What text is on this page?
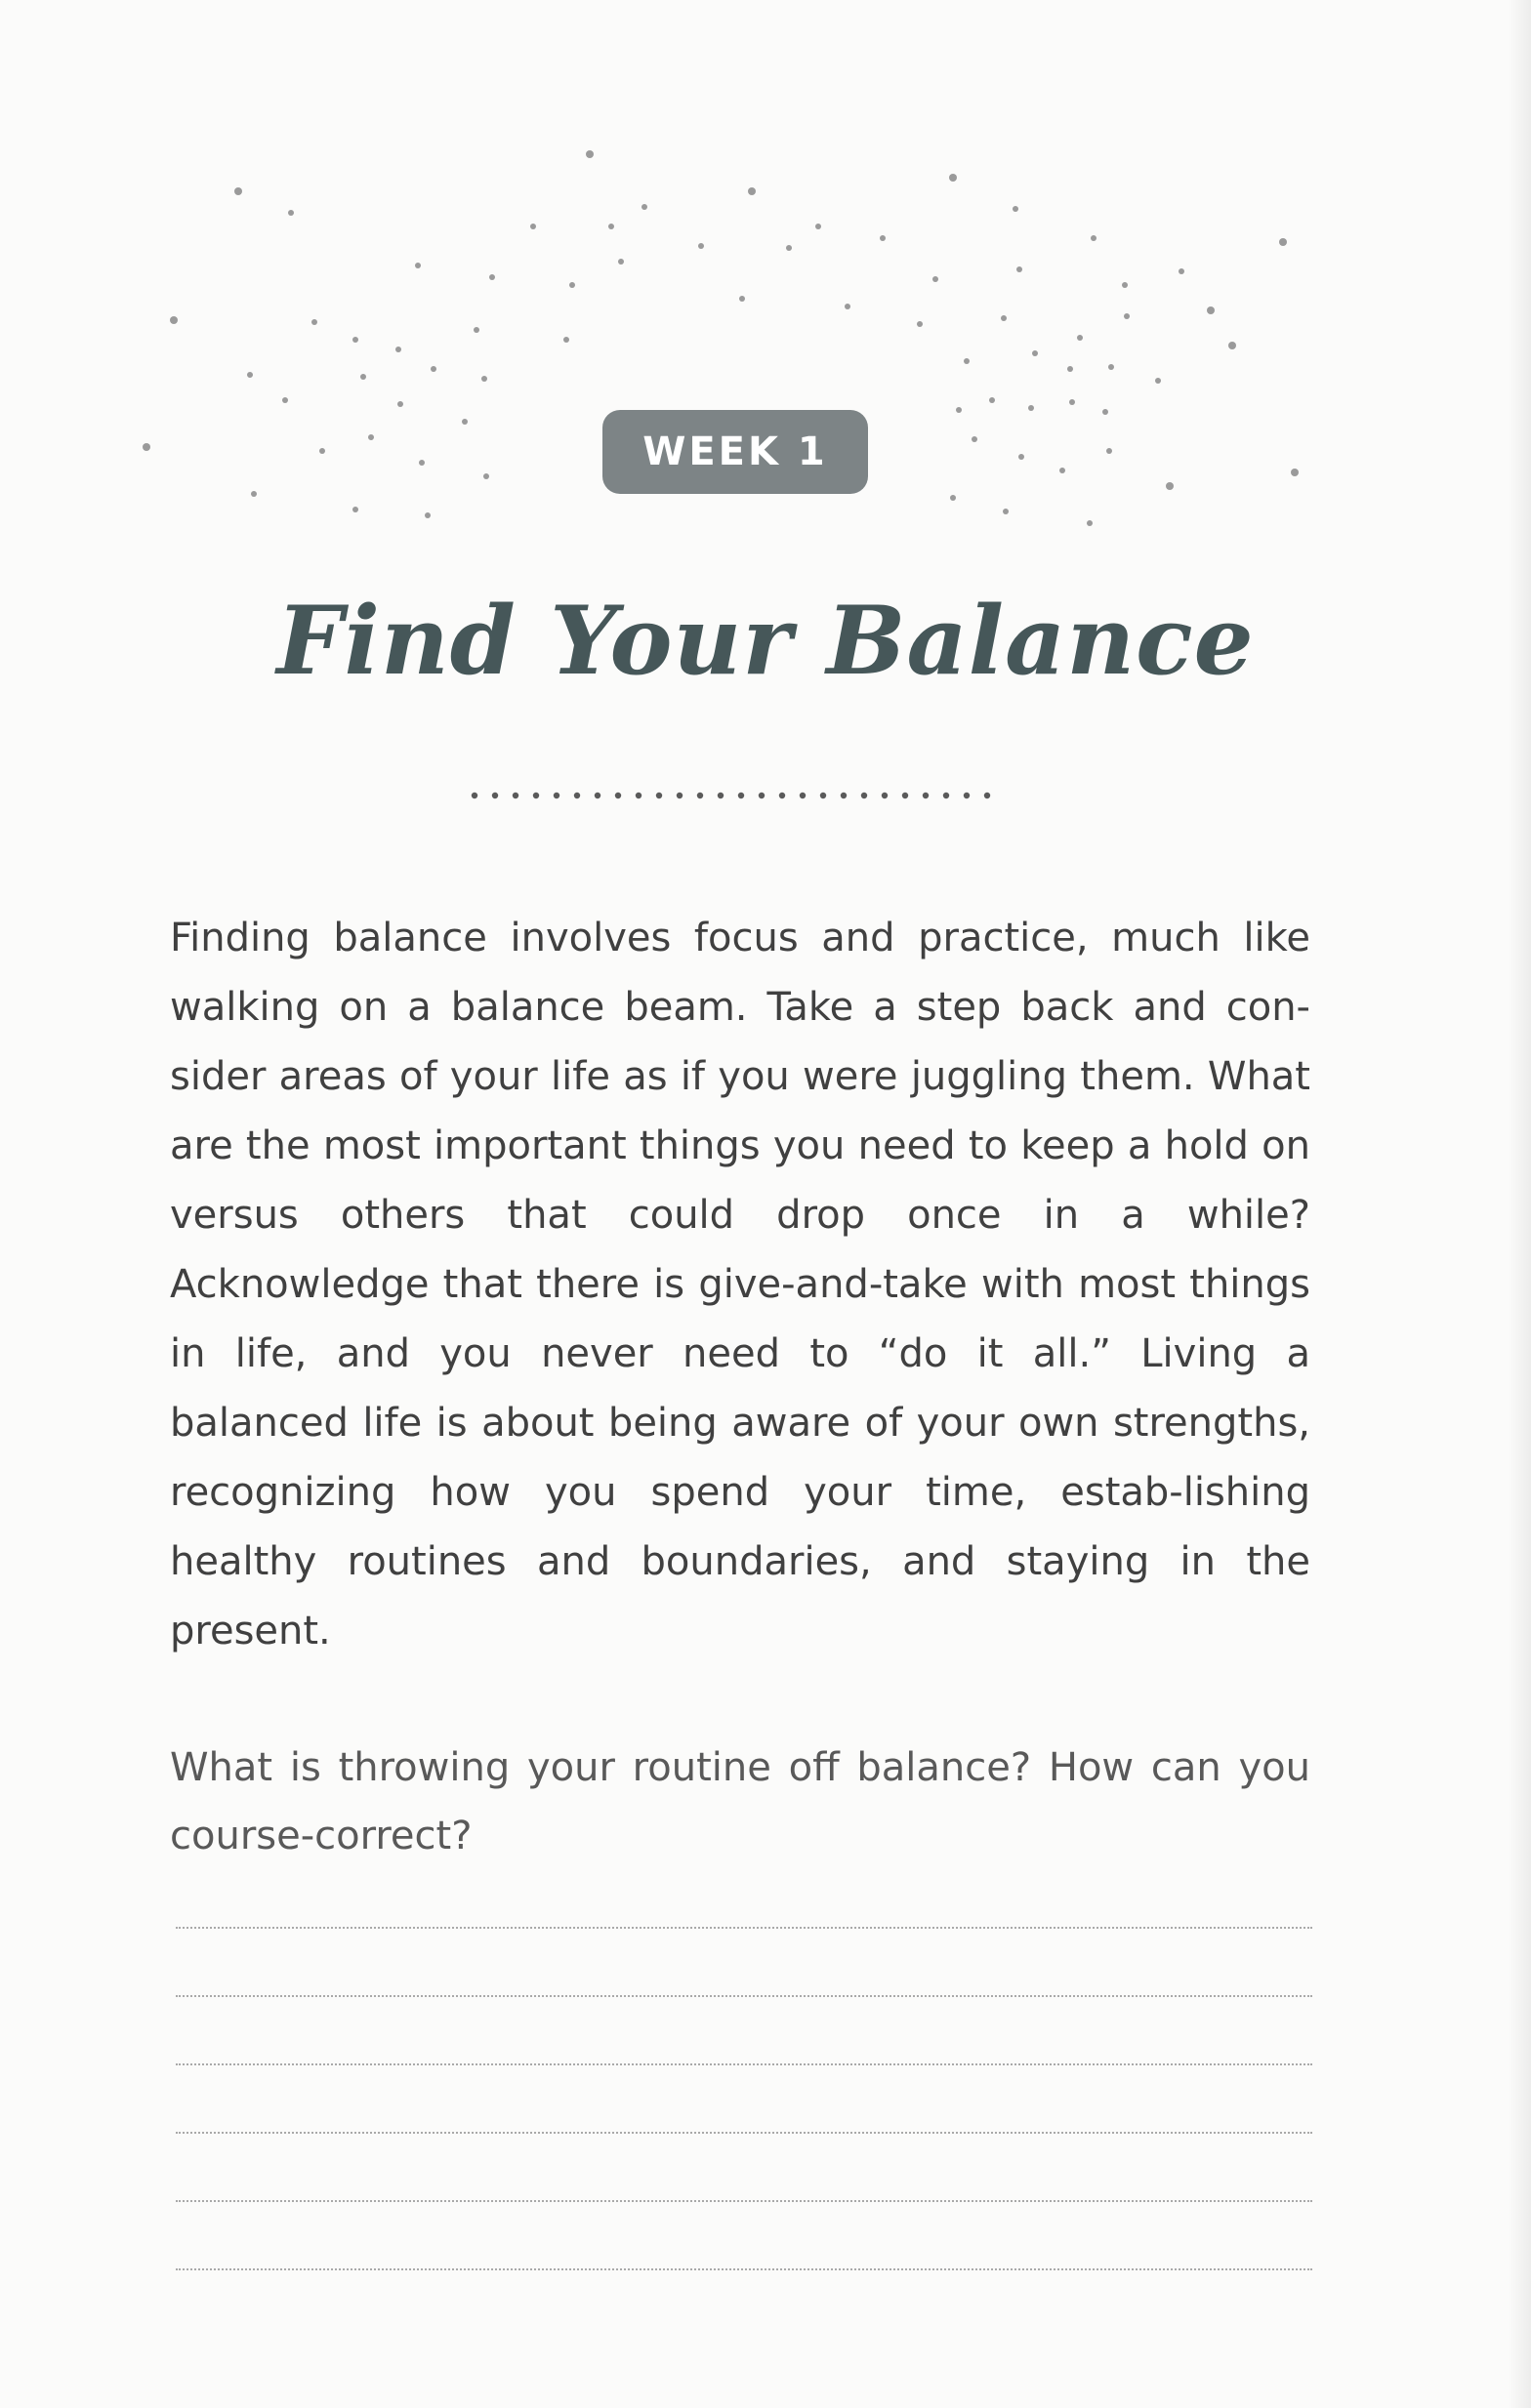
WEEK 1
Find Your Balance

Finding balance involves focus and practice, much like walking on a balance beam. Take a step back and con-sider areas of your life as if you were juggling them. What are the most important things you need to keep a hold on versus others that could drop once in a while? Acknowledge that there is give-and-take with most things in life, and you never need to “do it all.” Living a balanced life is about being aware of your own strengths, recognizing how you spend your time, estab-lishing healthy routines and boundaries, and staying in the present.

What is throwing your routine off balance? How can you course-correct?
